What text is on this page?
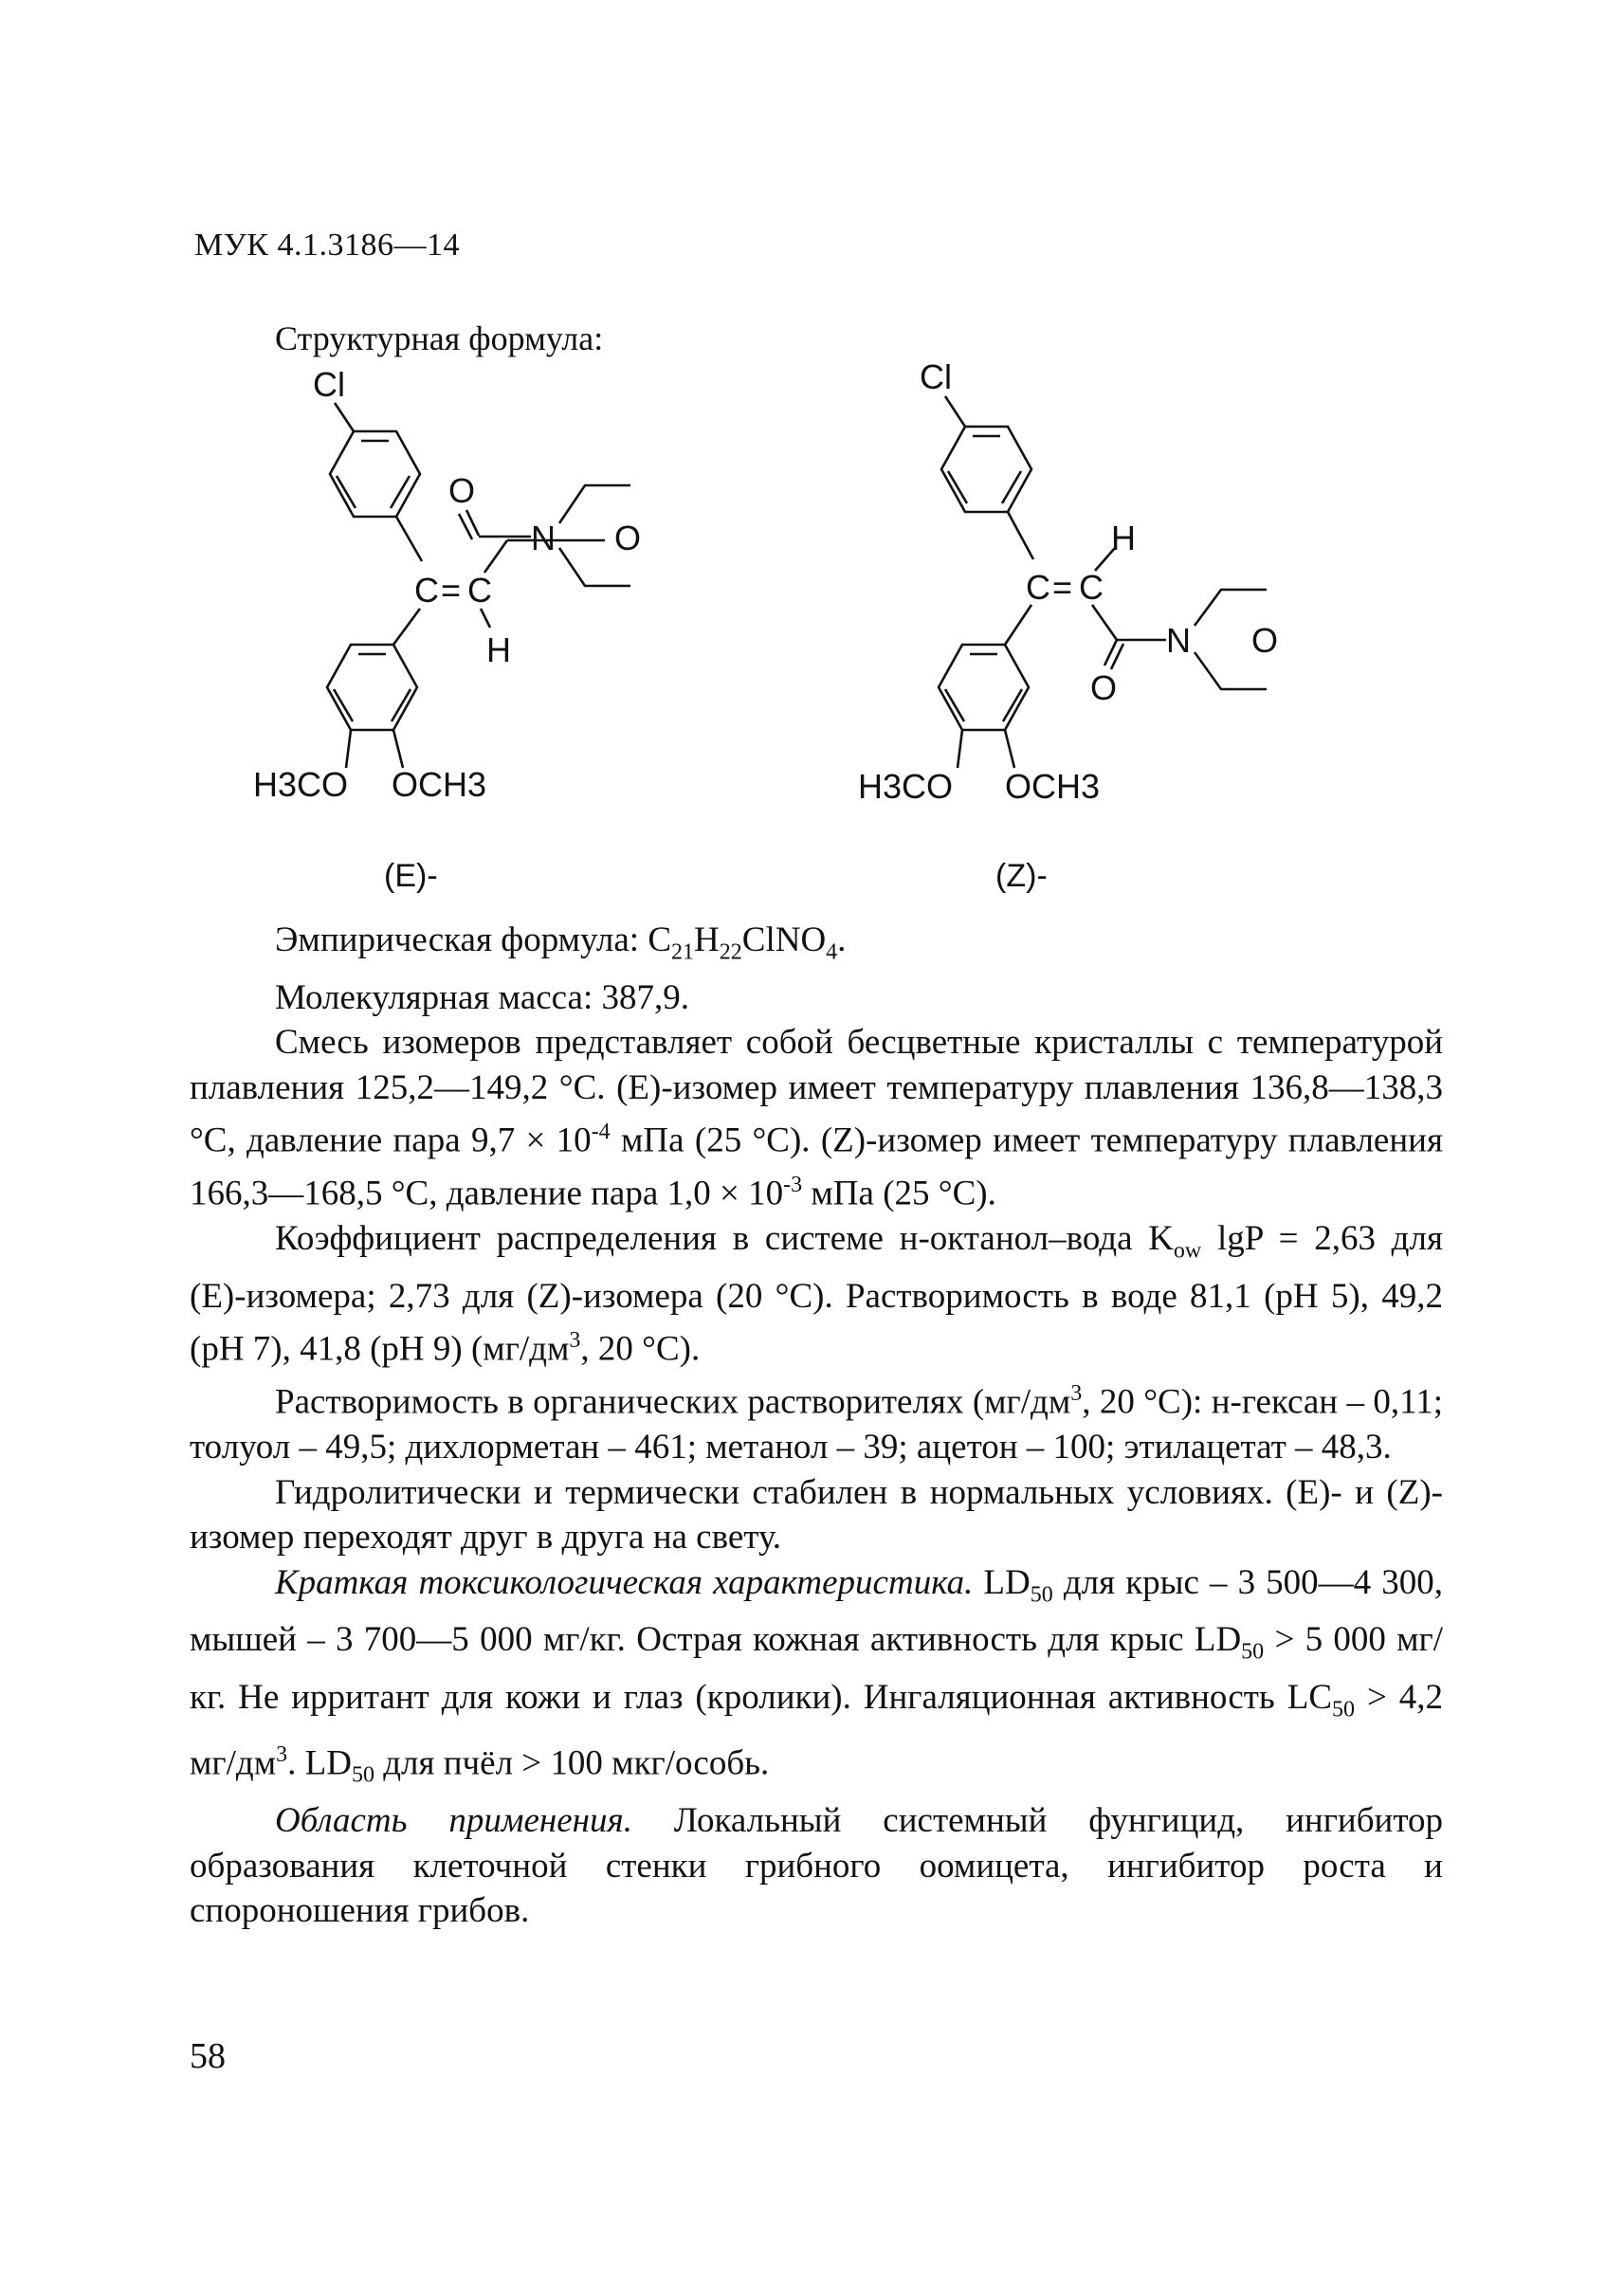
МУК 4.1.3186—14
Структурная формула:
Cl
O
C = C
N O
H
H3CO OCH3
Cl
H
C = C
O
N O
H3CO OCH3
(E)-	(Z)-

Эмпирическая формула: $C_{21}H_{22}ClNO_4$.

Молекулярная масса: 387,9.

Смесь изомеров представляет собой бесцветные кристаллы с температурой плавления 125,2—149,2 °С. (E)-изомер имеет температуру плавления 136,8—138,3 °С, давление пара $9,7 \times 10^{-4}$ мПа (25 °С). (Z)-изомер имеет температуру плавления 166,3—168,5 °С, давление пара $1,0 \times 10^{-3}$ мПа (25 °С).

Коэффициент распределения в системе н-октанол–вода $K_{ow}$ lgP = 2,63 для (E)-изомера; 2,73 для (Z)-изомера (20 °С). Растворимость в воде 81,1 (pH 5), 49,2 (pH 7), 41,8 (pH 9) ($мг/дм^3$, 20 °С).

Растворимость в органических растворителях ($мг/дм^3$, 20 °С): н-гексан – 0,11; толуол – 49,5; дихлорметан – 461; метанол – 39; ацетон – 100; этилацетат – 48,3.

Гидролитически и термически стабилен в нормальных условиях. (E)- и (Z)-изомер переходят друг в друга на свету.

Краткая токсикологическая характеристика. $LD_{50}$ для крыс – 3 500—4 300, мышей – 3 700—5 000 мг/кг. Острая кожная активность для крыс $LD_{50} > 5$ 000 мг/кг. Не ирритант для кожи и глаз (кролики). Ингаляционная активность $LC_{50} > 4,2$ $мг/дм^3$. $LD_{50}$ для пчёл > 100 мкг/особь.

Область применения. Локальный системный фунгицид, ингибитор образования клеточной стенки грибного оомицета, ингибитор роста и спороношения грибов.

58
